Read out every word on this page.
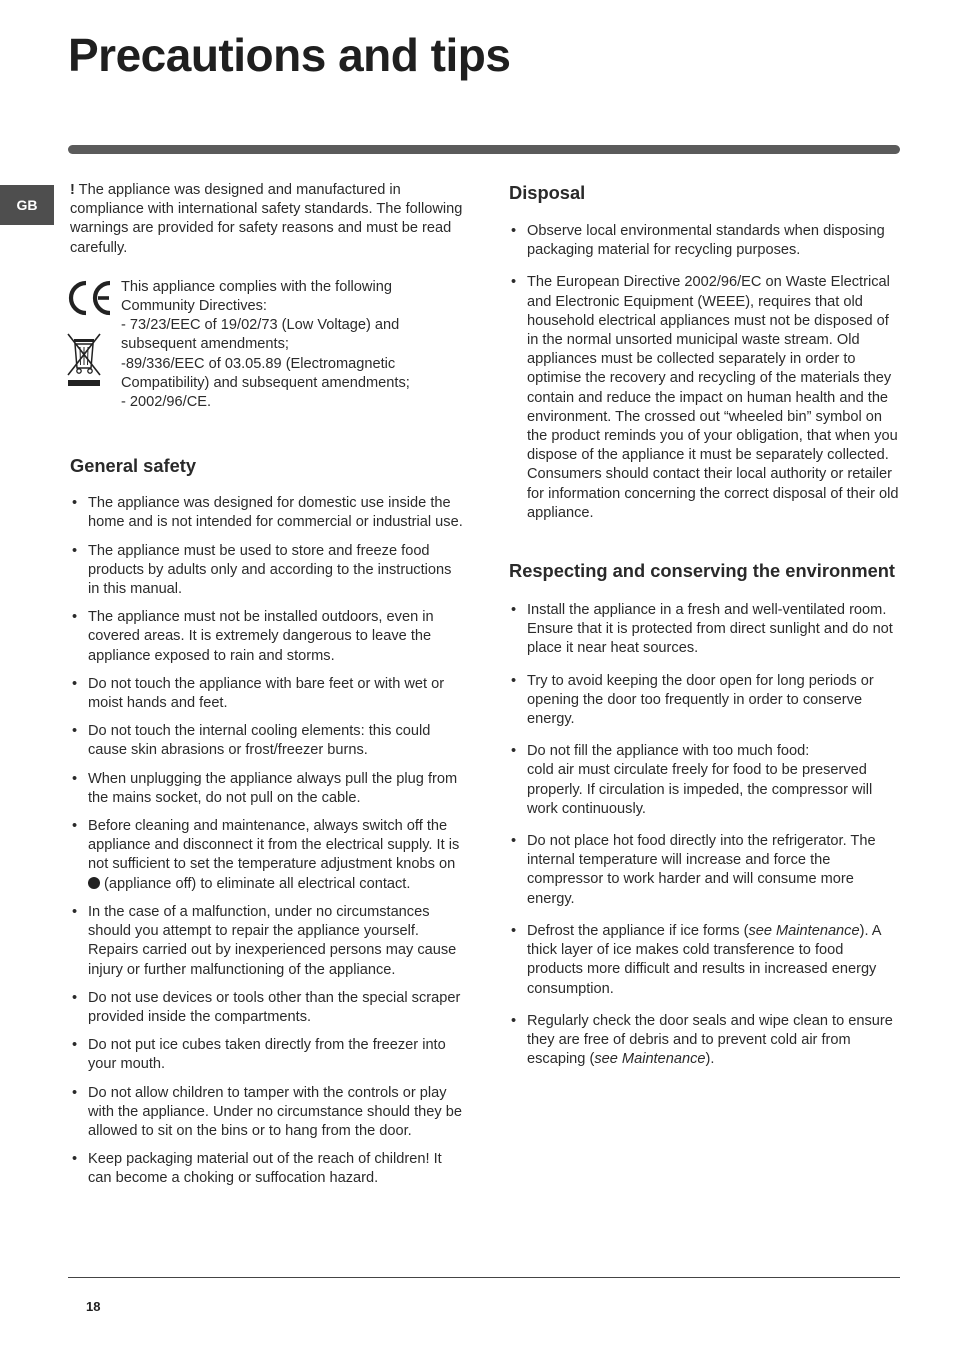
Precautions and tips
GB

! The appliance was designed and manufactured in compliance with international safety standards. The following warnings are provided for safety reasons and must be read carefully.

This appliance complies with the following Community Directives:

- 73/23/EEC of 19/02/73 (Low Voltage) and subsequent amendments;

-89/336/EEC of 03.05.89 (Electromagnetic Compatibility) and subsequent amendments;

- 2002/96/CE.

General safety
• The appliance was designed for domestic use inside the home and is not intended for commercial or industrial use.
• The appliance must be used to store and freeze food products by adults only and according to the instructions in this manual.
• The appliance must not be installed outdoors, even in covered areas. It is extremely dangerous to leave the appliance exposed to rain and storms.
• Do not touch the appliance with bare feet or with wet or moist hands and feet.
• Do not touch the internal cooling elements: this could cause skin abrasions or frost/freezer burns.
• When unplugging the appliance always pull the plug from the mains socket, do not pull on the cable.
• Before cleaning and maintenance, always switch off the appliance and disconnect it from the electrical supply. It is not sufficient to set the temperature adjustment knobs on  (appliance off) to eliminate all electrical contact.
• In the case of a malfunction, under no circumstances should you attempt to repair the appliance yourself. Repairs carried out by inexperienced persons may cause injury or further malfunctioning of the appliance.
• Do not use devices or tools other than the special scraper provided inside the compartments.
• Do not put ice cubes taken directly from the freezer into your mouth.
• Do not allow children to tamper with the controls or play with the appliance. Under no circumstance should they be allowed to sit on the bins or to hang from the door.
• Keep packaging material out of the reach of children! It can become a choking or suffocation hazard.
Disposal
• Observe local environmental standards when disposing packaging material for recycling purposes.
• The European Directive 2002/96/EC on Waste Electrical and Electronic Equipment (WEEE), requires that old household electrical appliances must not be disposed of in the normal unsorted municipal waste stream. Old appliances must be collected separately in order to optimise the recovery and recycling of the materials they contain and reduce the impact on human health and the environment. The crossed out “wheeled bin” symbol on the product reminds you of your obligation, that when you dispose of the appliance it must be separately collected.
Consumers should contact their local authority or retailer for information concerning the correct disposal of their old appliance.
Respecting and conserving the environment
• Install the appliance in a fresh and well-ventilated room. Ensure that it is protected from direct sunlight and do not place it near heat sources.
• Try to avoid keeping the door open for long periods or opening the door too frequently in order to conserve energy.
• Do not fill the appliance with too much food:
cold air must circulate freely for food to be preserved properly. If circulation is impeded, the compressor will work continuously.
• Do not place hot food directly into the refrigerator. The internal temperature will increase and force the compressor to work harder and will consume more energy.
• Defrost the appliance if ice forms (see Maintenance). A thick layer of ice makes cold transference to food products more difficult and results in increased energy consumption.
• Regularly check the door seals and wipe clean to ensure they are free of debris and to prevent cold air from escaping (see Maintenance).
18
